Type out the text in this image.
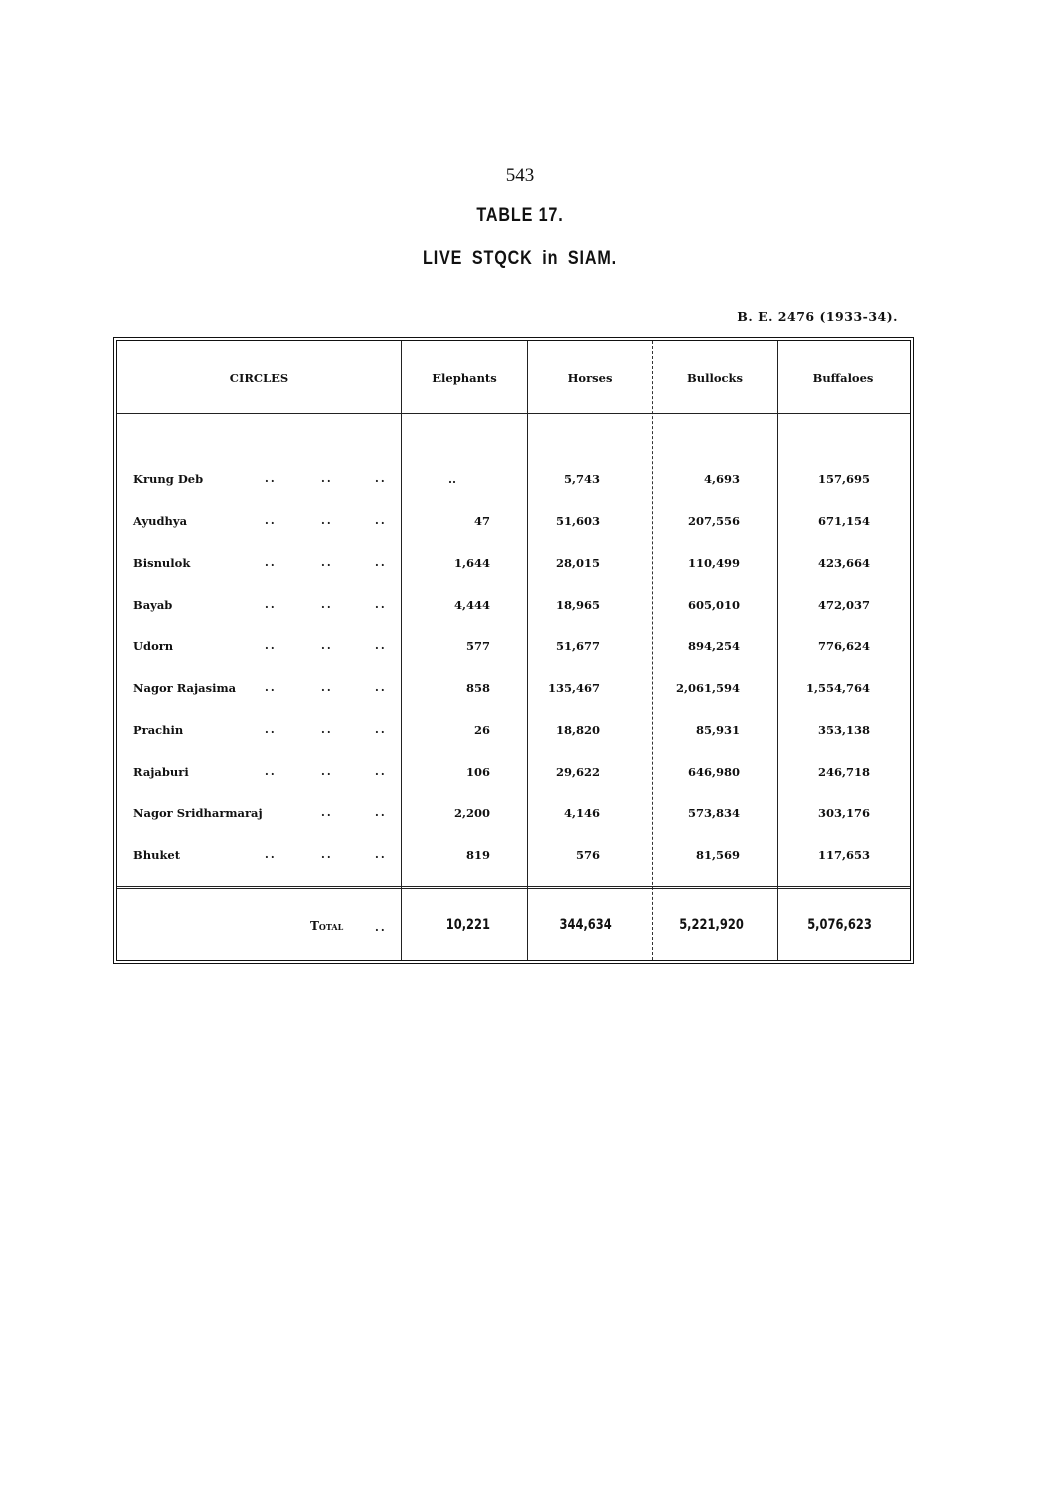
543
TABLE 17.
LIVE STQCK in SIAM.
B. E. 2476 (1933-34).
CIRCLES	Elephants	Horses	Bullocks	Buffaloes
Krung Deb	..	..	..	..	5,743	4,693	157,695
Ayudhya	..	..	..	47	51,603	207,556	671,154
Bisnulok	..	..	..	1,644	28,015	110,499	423,664
Bayab	..	..	..	4,444	18,965	605,010	472,037
Udorn	..	..	..	577	51,677	894,254	776,624
Nagor Rajasima	..	..	..	858	135,467	2,061,594	1,554,764
Prachin	..	..	..	26	18,820	85,931	353,138
Rajaburi	..	..	..	106	29,622	646,980	246,718
Nagor Sridharmaraj	..	..	2,200	4,146	573,834	303,176
Bhuket	..	..	..	819	576	81,569	117,653
Total	..	10,221	344,634	5,221,920	5,076,623
